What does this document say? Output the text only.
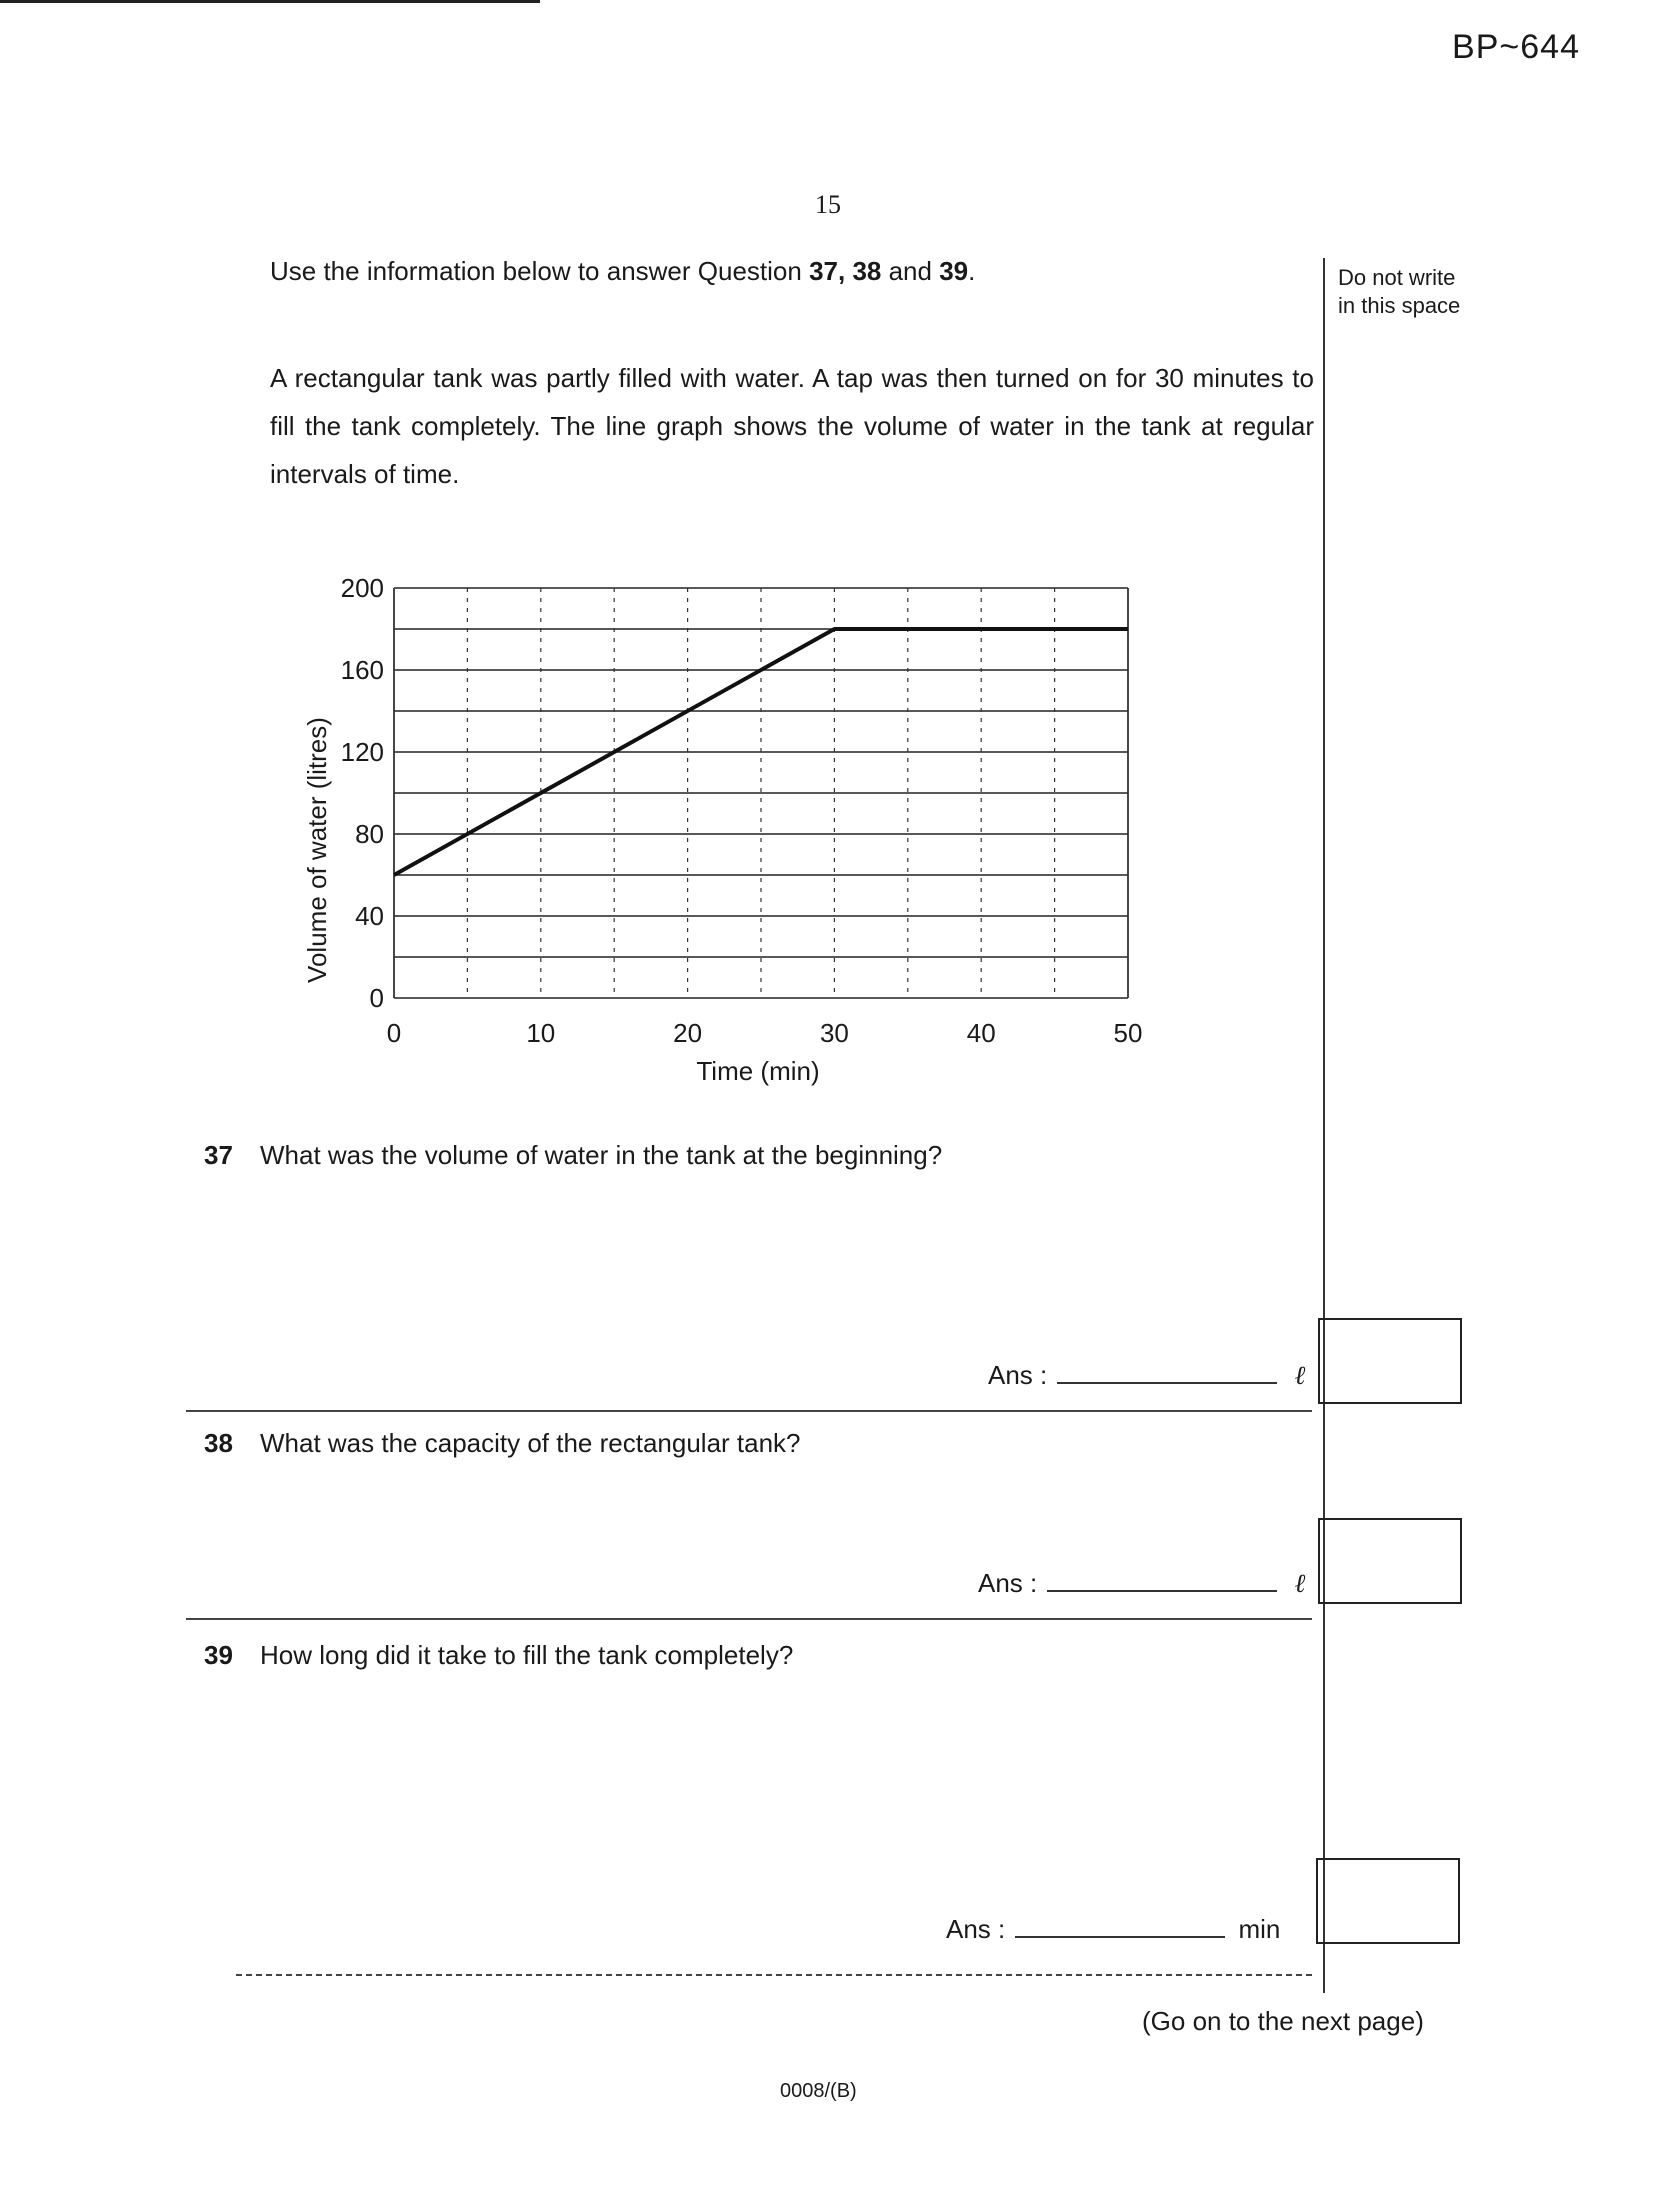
BP~644
15
Use the information below to answer Question 37, 38 and 39.	Do not write
in this space
A rectangular tank was partly filled with water. A tap was then turned on for 30 minutes to fill the tank completely. The line graph shows the volume of water in the tank at regular intervals of time.
0
40
80
120
160
200
0	10	20	30	40	50
Time (min)
Volume of water (litres)
37 What was the volume of water in the tank at the beginning?
Ans :	ℓ
38 What was the capacity of the rectangular tank?
Ans :	ℓ
39 How long did it take to fill the tank completely?
Ans :	min
(Go on to the next page)
0008/(B)
